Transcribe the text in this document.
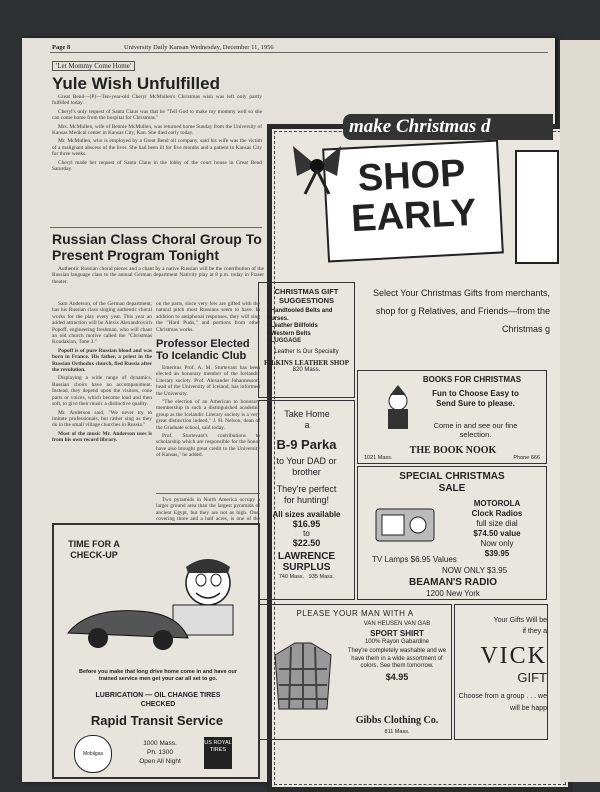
Page 8	University Daily Kansan Wednesday, December 11, 1956
'Let Mommy Come Home'
Yule Wish Unfulfilled

Great Bend—(P)—Ten-year-old Cheryl McMullen's Christmas wish was left only partly fulfilled today.

Cheryl's only request of Santa Claus was that he "Tell God to make my mommy well so she can come home from the hospital for Christmas."

Mrs. McMullen, wife of Bennie McMullen, was returned home Sunday from the University of Kansas Medical center in Kansas City, Kan. She died early today.

Mr. McMullen, who is employed by a Great Bend oil company, said his wife was the victim of a malignant abscess of the liver. She had been ill for five months and a patient in Kansas City for three weeks.

Cheryl made her request of Santa Claus in the lobby of the court house in Great Bend Saturday.

Russian Class Choral Group To Present Program Tonight

Authentic Russian choral pieces and a chant by a native Russian will be the contribution of the Russian language class to the annual German department Nativity play at 8 p.m. today in Fraser theater.

Sam Anderson, of the German department, has his Russian class singing authentic choral works for the play every year. This year an added attraction will be Alexis Alexandrovich Popoff, engineering freshman, who will chant an old church motive called the "Christmas Kondakion, Tone 3."

Popoff is of pure Russian blood and was born in France. His father, a priest in the Russian Orthodox church, fled Russia after the revolution.

Displaying a wide range of dynamics, Russian choirs have no accompaniment. Instead, they depend upon the visitors, cone parts or voices, which become loud and then soft, to give their music a distinctive quality.

Mr. Anderson said, "We never try to imitate professionals, but rather sing as they do in the small village churches in Russia."

Most of the music Mr. Anderson uses is from his own record library.

on the parts, since very few are gifted with the natural pitch most Russians seem to have. In addition to antiphonal responses, they will sing the "Hard Pudo," and portions from other Christmas works.

Professor Elected To Icelandic Club

Emeritus Prof. A. M. Sturtevant has been elected an honorary member of the Icelandic Literary society. Prof. Alexander Johannesson, head of the University of Iceland, has informed the University.

"The election of an American to honorary membership in such a distinguished academic group as the Icelandic Literary society is a very great distinction indeed," J. H. Nelson, dean of the Graduate school, said today.

Prof. Sturtevant's contributions to scholarship which are responsible for the honor have also brought great credit to the University of Kansas," he added.

Two pyramids in North America occupy a larger ground area than the largest pyramids of ancient Egypt, but they are not as high. One, covering three and a half acres, is one of the

TIME FOR A CHECK-UP
Before you make that long drive home come in and have our trained service men get your car all set to go.
LUBRICATION — OIL CHANGE TIRES CHECKED
Rapid Transit Service
Mobilgas
1000 Mass.
Ph. 1300
Open All Night
US ROYAL TIRES
make Christmas d
SHOP
EARLY
Select Your Christmas Gifts from merchants, shop for g Relatives, and Friends—from the Christmas g
CHRISTMAS GIFT SUGGESTIONS
• Handtooled Belts and Purses.
• Leather Billfolds
• Western Belts
• LUGGAGE
Leather Is Our Specialty
FILKINS LEATHER SHOP
820 Mass.
BOOKS FOR CHRISTMAS
Fun to Choose Easy to Send Sure to please.
Come in and see our fine selection.
THE BOOK NOOK
1021 Mass.	Phone 666
Take Home a
B-9 Parka
to Your DAD or brother
They're perfect for hunting!
All sizes available
$16.95
to
$22.50
LAWRENCE SURPLUS
740 Mass. 935 Mass.
SPECIAL CHRISTMAS SALE
MOTOROLA
Clock Radios
full size dial
$74.50 value
Now only
$39.95
TV Lamps $6.95 Values
NOW ONLY $3.95
BEAMAN'S RADIO
1200 New York
PLEASE YOUR MAN WITH A
VAN HEUSEN VAN GAB
SPORT SHIRT
100% Rayon Gabardine
They're completely washable and we have them in a wide assortment of colors. See them tomorrow.
$4.95
Gibbs Clothing Co.
811 Mass.
Your Gifts Will be
if they a
VICK
GIFT
Choose from a group . . . we will be happ
